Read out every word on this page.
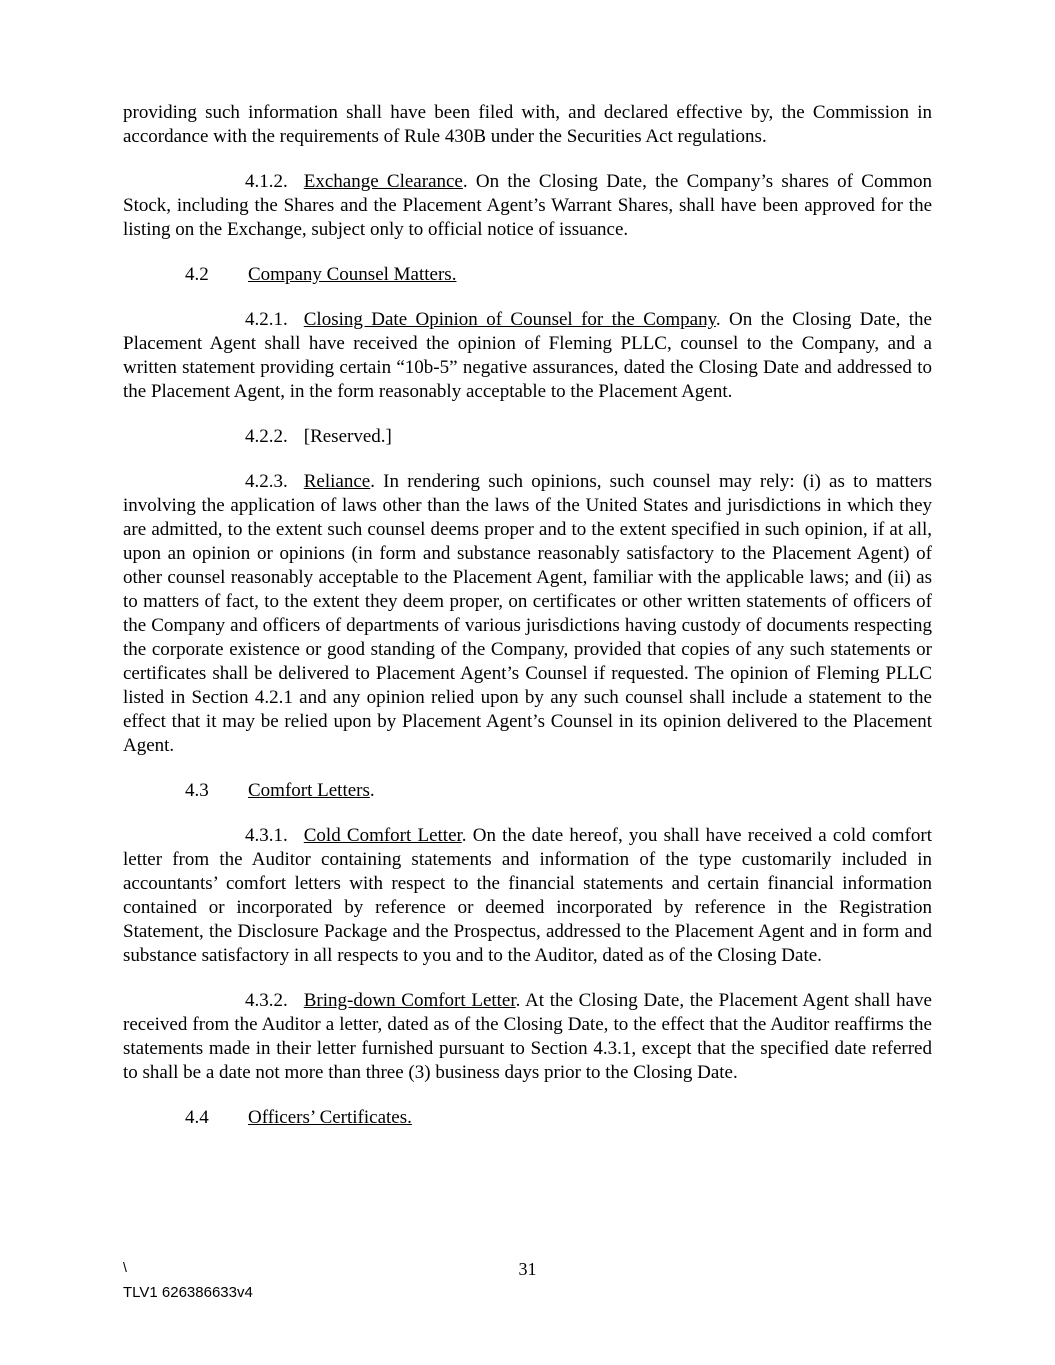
providing such information shall have been filed with, and declared effective by, the Commission in accordance with the requirements of Rule 430B under the Securities Act regulations.

4.1.2. Exchange Clearance. On the Closing Date, the Company’s shares of Common Stock, including the Shares and the Placement Agent’s Warrant Shares, shall have been approved for the listing on the Exchange, subject only to official notice of issuance.

4.2 Company Counsel Matters.

4.2.1. Closing Date Opinion of Counsel for the Company. On the Closing Date, the Placement Agent shall have received the opinion of Fleming PLLC, counsel to the Company, and a written statement providing certain “10b-5” negative assurances, dated the Closing Date and addressed to the Placement Agent, in the form reasonably acceptable to the Placement Agent.

4.2.2. [Reserved.]

4.2.3. Reliance. In rendering such opinions, such counsel may rely: (i) as to matters involving the application of laws other than the laws of the United States and jurisdictions in which they are admitted, to the extent such counsel deems proper and to the extent specified in such opinion, if at all, upon an opinion or opinions (in form and substance reasonably satisfactory to the Placement Agent) of other counsel reasonably acceptable to the Placement Agent, familiar with the applicable laws; and (ii) as to matters of fact, to the extent they deem proper, on certificates or other written statements of officers of the Company and officers of departments of various jurisdictions having custody of documents respecting the corporate existence or good standing of the Company, provided that copies of any such statements or certificates shall be delivered to Placement Agent’s Counsel if requested. The opinion of Fleming PLLC listed in Section 4.2.1 and any opinion relied upon by any such counsel shall include a statement to the effect that it may be relied upon by Placement Agent’s Counsel in its opinion delivered to the Placement Agent.

4.3 Comfort Letters.

4.3.1. Cold Comfort Letter. On the date hereof, you shall have received a cold comfort letter from the Auditor containing statements and information of the type customarily included in accountants’ comfort letters with respect to the financial statements and certain financial information contained or incorporated by reference or deemed incorporated by reference in the Registration Statement, the Disclosure Package and the Prospectus, addressed to the Placement Agent and in form and substance satisfactory in all respects to you and to the Auditor, dated as of the Closing Date.

4.3.2. Bring-down Comfort Letter. At the Closing Date, the Placement Agent shall have received from the Auditor a letter, dated as of the Closing Date, to the effect that the Auditor reaffirms the statements made in their letter furnished pursuant to Section 4.3.1, except that the specified date referred to shall be a date not more than three (3) business days prior to the Closing Date.

4.4 Officers’ Certificates.

\	31
TLV1 626386633v4
